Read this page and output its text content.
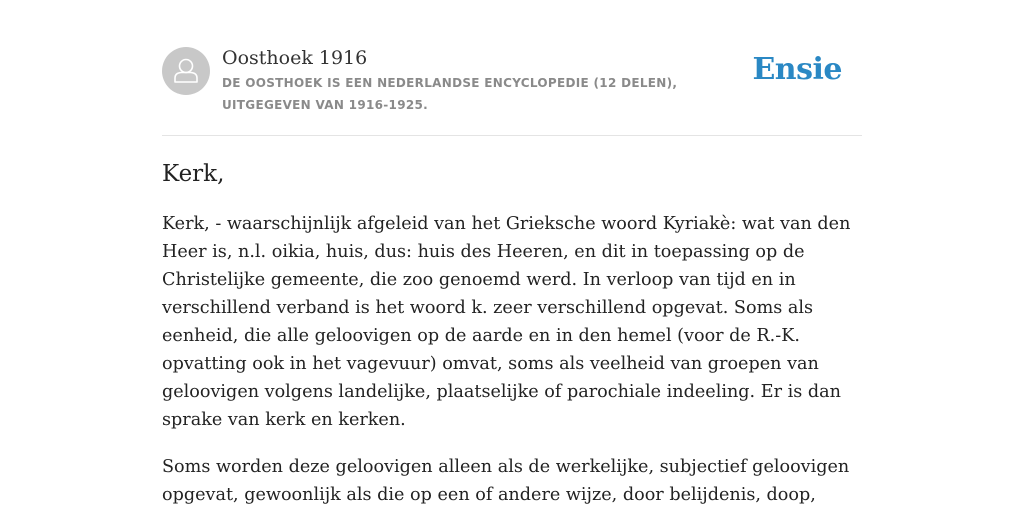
Oosthoek 1916
DE OOSTHOEK IS EEN NEDERLANDSE ENCYCLOPEDIE (12 DELEN), UITGEGEVEN VAN 1916-1925.
Ensie
Kerk,

Kerk, - waarschijnlijk afgeleid van het Grieksche woord Kyriakè: wat van den Heer is, n.l. oikia, huis, dus: huis des Heeren, en dit in toepassing op de Christelijke gemeente, die zoo genoemd werd. In verloop van tijd en in verschillend verband is het woord k. zeer verschillend opgevat. Soms als eenheid, die alle geloovigen op de aarde en in den hemel (voor de R.-K. opvatting ook in het vagevuur) omvat, soms als veelheid van groepen van geloovigen volgens landelijke, plaatselijke of parochiale indeeling. Er is dan sprake van kerk en kerken.

Soms worden deze geloovigen alleen als de werkelijke, subjectief geloovigen opgevat, gewoonlijk als die op een of andere wijze, door belijdenis, doop,
